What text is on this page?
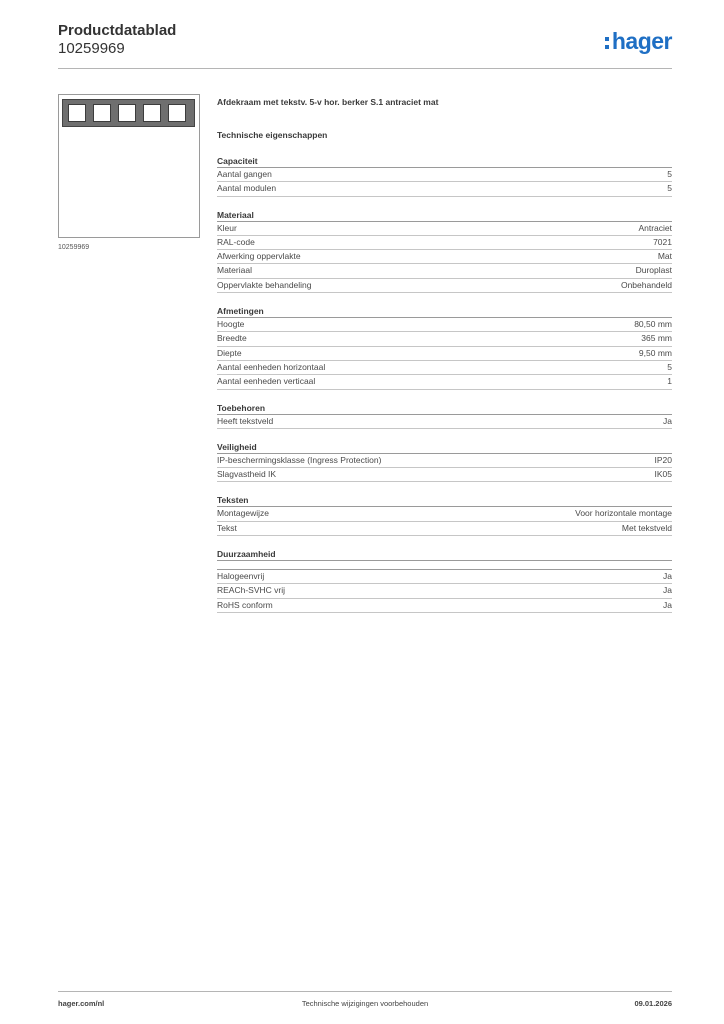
Productdatablad
10259969	hager
10259969
Afdekraam met tekstv. 5-v hor. berker S.1 antraciet mat
Technische eigenschappen
Capaciteit
Aantal gangen	5
Aantal modulen	5
Materiaal
Kleur	Antraciet
RAL-code	7021
Afwerking oppervlakte	Mat
Materiaal	Duroplast
Oppervlakte behandeling	Onbehandeld
Afmetingen
Hoogte	80,50 mm
Breedte	365 mm
Diepte	9,50 mm
Aantal eenheden horizontaal	5
Aantal eenheden verticaal	1
Toebehoren
Heeft tekstveld	Ja
Veiligheid
IP-beschermingsklasse (Ingress Protection)	IP20
Slagvastheid IK	IK05
Teksten
Montagewijze	Voor horizontale montage
Tekst	Met tekstveld
Duurzaamheid
Halogeenvrij	Ja
REACh-SVHC vrij	Ja
RoHS conform	Ja
hager.com/nl	Technische wijzigingen voorbehouden	09.01.2026
